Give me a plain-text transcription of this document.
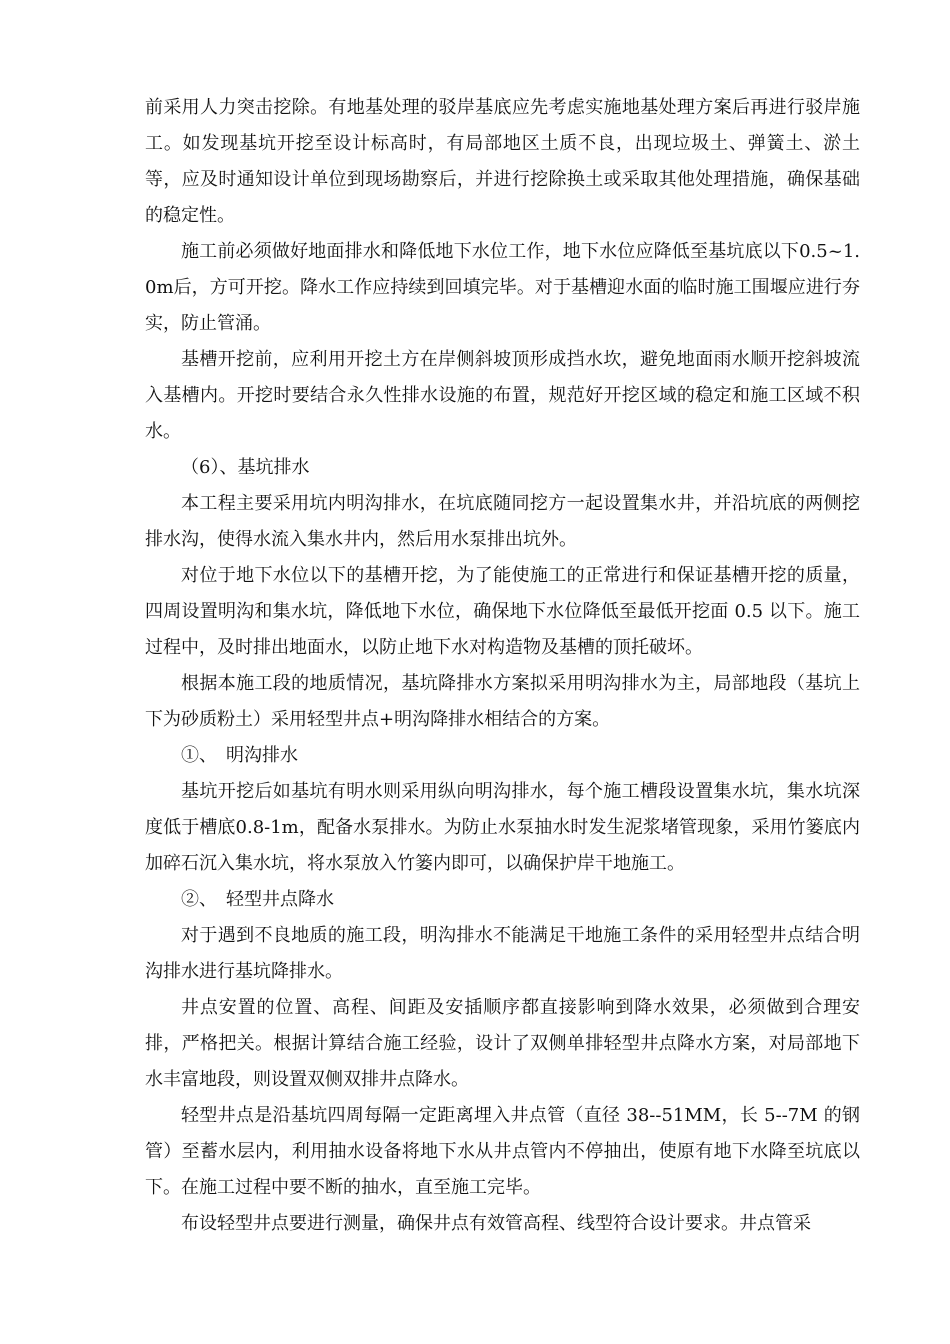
前采用人力突击挖除。有地基处理的驳岸基底应先考虑实施地基处理方案后再进行驳岸施工。如发现基坑开挖至设计标高时，有局部地区土质不良，出现垃圾土、弹簧土、淤土等，应及时通知设计单位到现场勘察后，并进行挖除换土或采取其他处理措施，确保基础的稳定性。

施工前必须做好地面排水和降低地下水位工作，地下水位应降低至基坑底以下0.5~1.0m后，方可开挖。降水工作应持续到回填完毕。对于基槽迎水面的临时施工围堰应进行夯实，防止管涌。

基槽开挖前，应利用开挖土方在岸侧斜坡顶形成挡水坎，避免地面雨水顺开挖斜坡流入基槽内。开挖时要结合永久性排水设施的布置，规范好开挖区域的稳定和施工区域不积水。

（6）、基坑排水

本工程主要采用坑内明沟排水，在坑底随同挖方一起设置集水井，并沿坑底的两侧挖排水沟，使得水流入集水井内，然后用水泵排出坑外。

对位于地下水位以下的基槽开挖，为了能使施工的正常进行和保证基槽开挖的质量，四周设置明沟和集水坑，降低地下水位，确保地下水位降低至最低开挖面 0.5 以下。施工过程中，及时排出地面水，以防止地下水对构造物及基槽的顶托破坏。

根据本施工段的地质情况，基坑降排水方案拟采用明沟排水为主，局部地段（基坑上下为砂质粉土）采用轻型井点+明沟降排水相结合的方案。

①、　明沟排水

基坑开挖后如基坑有明水则采用纵向明沟排水，每个施工槽段设置集水坑，集水坑深度低于槽底0.8-1m，配备水泵排水。为防止水泵抽水时发生泥浆堵管现象，采用竹篓底内加碎石沉入集水坑，将水泵放入竹篓内即可，以确保护岸干地施工。

②、　轻型井点降水

对于遇到不良地质的施工段，明沟排水不能满足干地施工条件的采用轻型井点结合明沟排水进行基坑降排水。

井点安置的位置、高程、间距及安插顺序都直接影响到降水效果，必须做到合理安排，严格把关。根据计算结合施工经验，设计了双侧单排轻型井点降水方案，对局部地下水丰富地段，则设置双侧双排井点降水。

轻型井点是沿基坑四周每隔一定距离埋入井点管（直径 38--51MM，长 5--7M 的钢管）至蓄水层内，利用抽水设备将地下水从井点管内不停抽出，使原有地下水降至坑底以下。在施工过程中要不断的抽水，直至施工完毕。

布设轻型井点要进行测量，确保井点有效管高程、线型符合设计要求。井点管采
